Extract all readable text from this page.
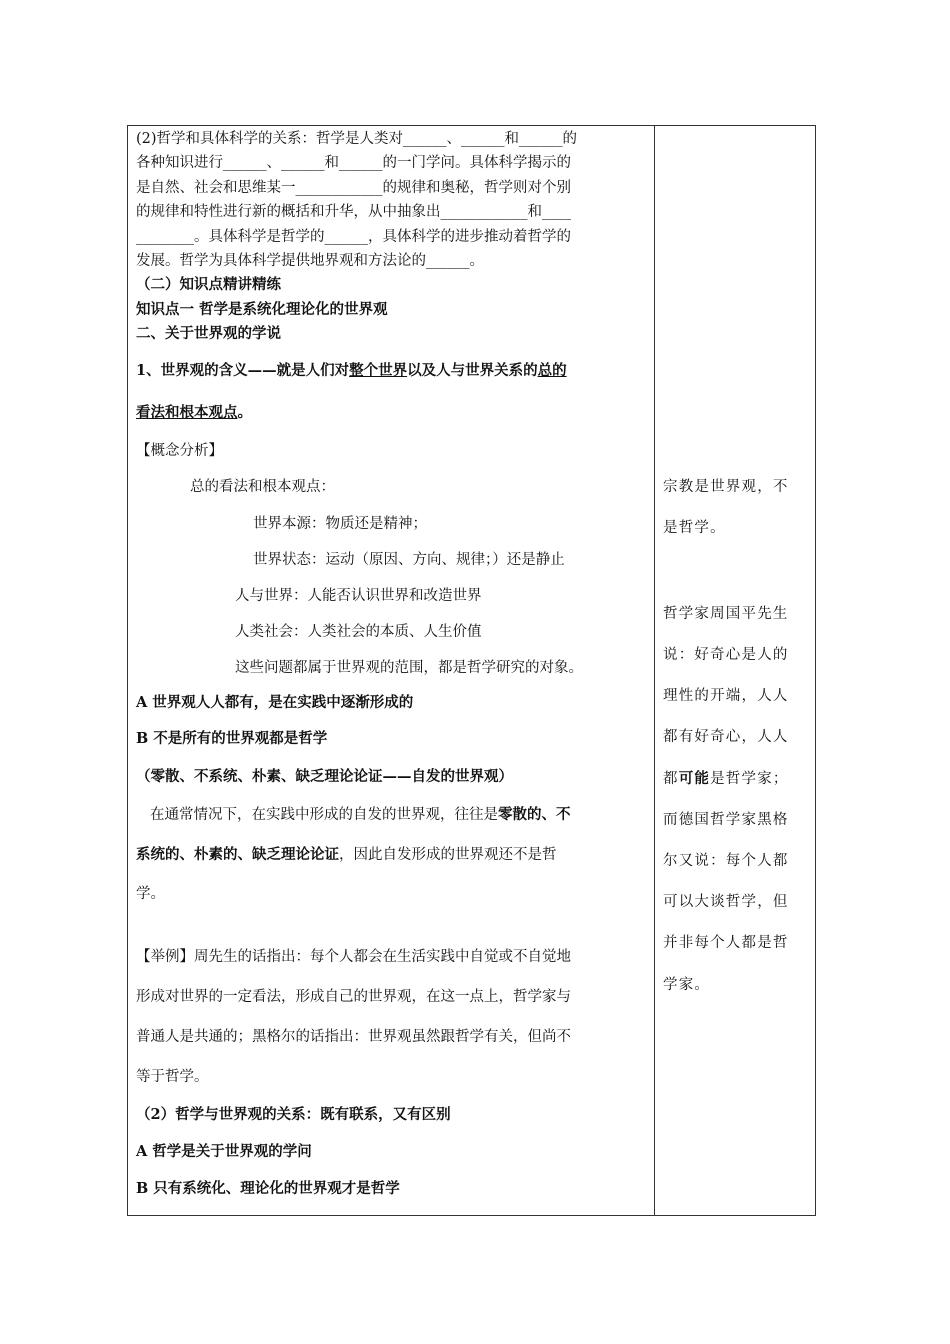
(2)哲学和具体科学的关系：哲学是人类对______、______和______的
各种知识进行______、______和______的一门学问。具体科学揭示的
是自然、社会和思维某一____________的规律和奥秘，哲学则对个别
的规律和特性进行新的概括和升华，从中抽象出____________和____
________。具体科学是哲学的______，具体科学的进步推动着哲学的
发展。哲学为具体科学提供地界观和方法论的______。
（二）知识点精讲精练
知识点一 哲学是系统化理论化的世界观
二、关于世界观的学说
1、世界观的含义——就是人们对整个世界以及人与世界关系的总的
看法和根本观点。
【概念分析】
总的看法和根本观点：
世界本源：物质还是精神；
世界状态：运动（原因、方向、规律；）还是静止
人与世界：人能否认识世界和改造世界
人类社会：人类社会的本质、人生价值
这些问题都属于世界观的范围，都是哲学研究的对象。
A 世界观人人都有，是在实践中逐渐形成的
B 不是所有的世界观都是哲学
（零散、不系统、朴素、缺乏理论论证——自发的世界观）
在通常情况下，在实践中形成的自发的世界观，往往是零散的、不
系统的、朴素的、缺乏理论论证，因此自发形成的世界观还不是哲
学。
【举例】周先生的话指出：每个人都会在生活实践中自觉或不自觉地
形成对世界的一定看法，形成自己的世界观，在这一点上，哲学家与
普通人是共通的；黑格尔的话指出：世界观虽然跟哲学有关，但尚不
等于哲学。
（2）哲学与世界观的关系：既有联系，又有区别
A 哲学是关于世界观的学问
B 只有系统化、理论化的世界观才是哲学
宗教是世界观，不
是哲学。
哲学家周国平先生
说：好奇心是人的
理性的开端，人人
都有好奇心，人人
都可能是哲学家；
而德国哲学家黑格
尔又说：每个人都
可以大谈哲学，但
并非每个人都是哲
学家。
